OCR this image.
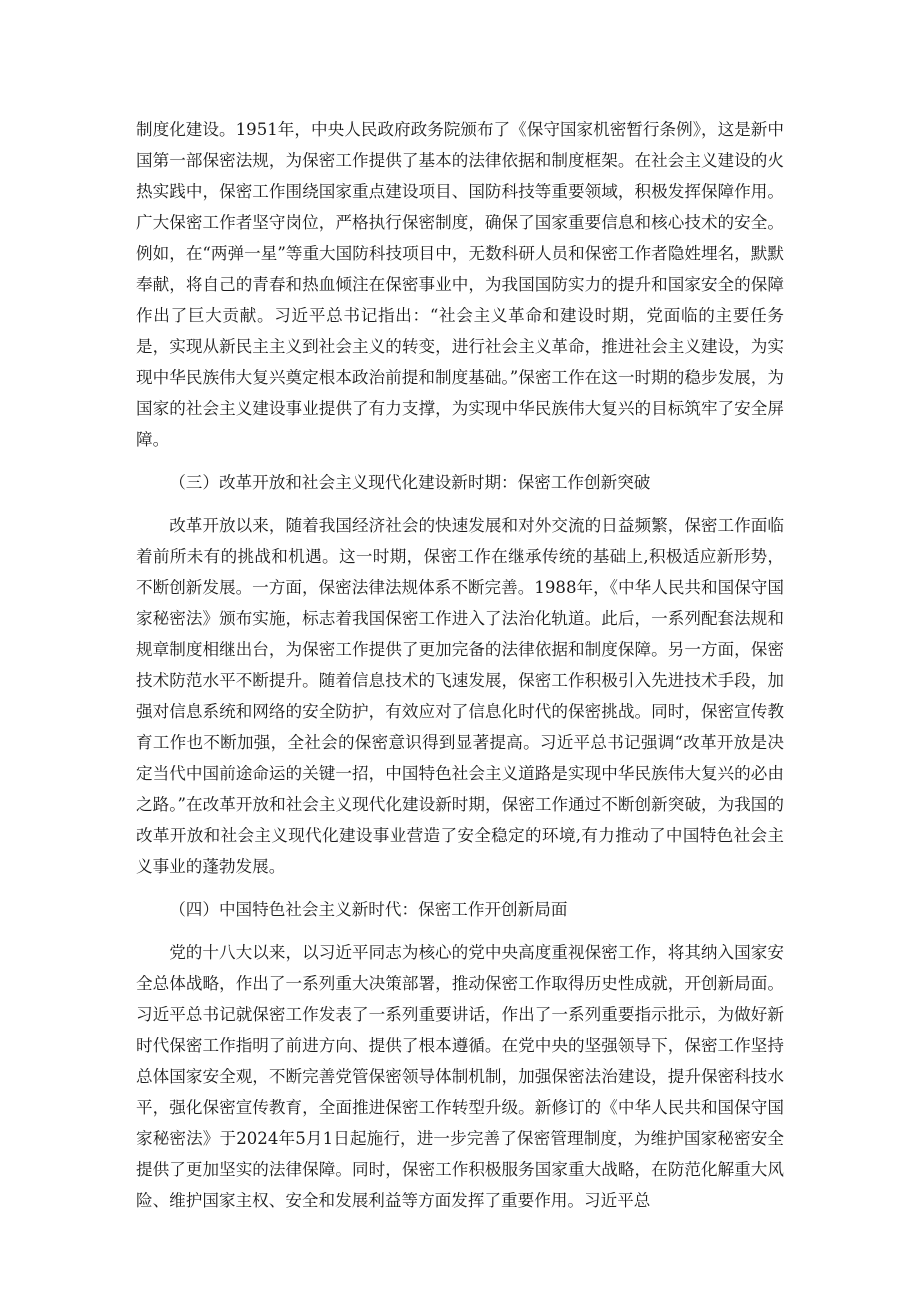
制度化建设。1951年，中央人民政府政务院颁布了《保守国家机密暂行条例》，这是新中国第一部保密法规，为保密工作提供了基本的法律依据和制度框架。在社会主义建设的火热实践中，保密工作围绕国家重点建设项目、国防科技等重要领域，积极发挥保障作用。广大保密工作者坚守岗位，严格执行保密制度，确保了国家重要信息和核心技术的安全。例如，在“两弹一星”等重大国防科技项目中，无数科研人员和保密工作者隐姓埋名，默默奉献，将自己的青春和热血倾注在保密事业中，为我国国防实力的提升和国家安全的保障作出了巨大贡献。习近平总书记指出：“社会主义革命和建设时期，党面临的主要任务是，实现从新民主主义到社会主义的转变，进行社会主义革命，推进社会主义建设，为实现中华民族伟大复兴奠定根本政治前提和制度基础。”保密工作在这一时期的稳步发展，为国家的社会主义建设事业提供了有力支撑，为实现中华民族伟大复兴的目标筑牢了安全屏障。

（三）改革开放和社会主义现代化建设新时期：保密工作创新突破

改革开放以来，随着我国经济社会的快速发展和对外交流的日益频繁，保密工作面临着前所未有的挑战和机遇。这一时期，保密工作在继承传统的基础上,积极适应新形势，不断创新发展。一方面，保密法律法规体系不断完善。1988年，《中华人民共和国保守国家秘密法》颁布实施，标志着我国保密工作进入了法治化轨道。此后，一系列配套法规和规章制度相继出台，为保密工作提供了更加完备的法律依据和制度保障。另一方面，保密技术防范水平不断提升。随着信息技术的飞速发展，保密工作积极引入先进技术手段，加强对信息系统和网络的安全防护，有效应对了信息化时代的保密挑战。同时，保密宣传教育工作也不断加强，全社会的保密意识得到显著提高。习近平总书记强调“改革开放是决定当代中国前途命运的关键一招，中国特色社会主义道路是实现中华民族伟大复兴的必由之路。”在改革开放和社会主义现代化建设新时期，保密工作通过不断创新突破，为我国的改革开放和社会主义现代化建设事业营造了安全稳定的环境,有力推动了中国特色社会主义事业的蓬勃发展。

（四）中国特色社会主义新时代：保密工作开创新局面

党的十八大以来，以习近平同志为核心的党中央高度重视保密工作，将其纳入国家安全总体战略，作出了一系列重大决策部署，推动保密工作取得历史性成就，开创新局面。习近平总书记就保密工作发表了一系列重要讲话，作出了一系列重要指示批示，为做好新时代保密工作指明了前进方向、提供了根本遵循。在党中央的坚强领导下，保密工作坚持总体国家安全观，不断完善党管保密领导体制机制，加强保密法治建设，提升保密科技水平，强化保密宣传教育，全面推进保密工作转型升级。新修订的《中华人民共和国保守国家秘密法》于2024年5月1日起施行，进一步完善了保密管理制度，为维护国家秘密安全提供了更加坚实的法律保障。同时，保密工作积极服务国家重大战略，在防范化解重大风险、维护国家主权、安全和发展利益等方面发挥了重要作用。习近平总
